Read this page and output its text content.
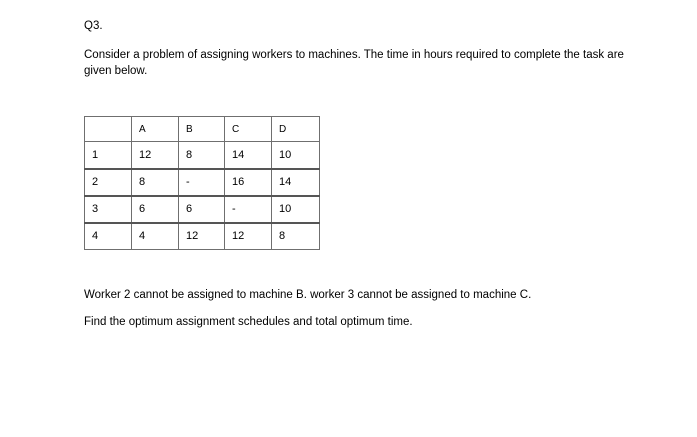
Q3.
Consider a problem of assigning workers to machines. The time in hours required to complete the task are given below.
	A	B	C	D
1	12	8	14	10
2	8	-	16	14
3	6	6	-	10
4	4	12	12	8
Worker 2 cannot be assigned to machine B. worker 3 cannot be assigned to machine C.
Find the optimum assignment schedules and total optimum time.
